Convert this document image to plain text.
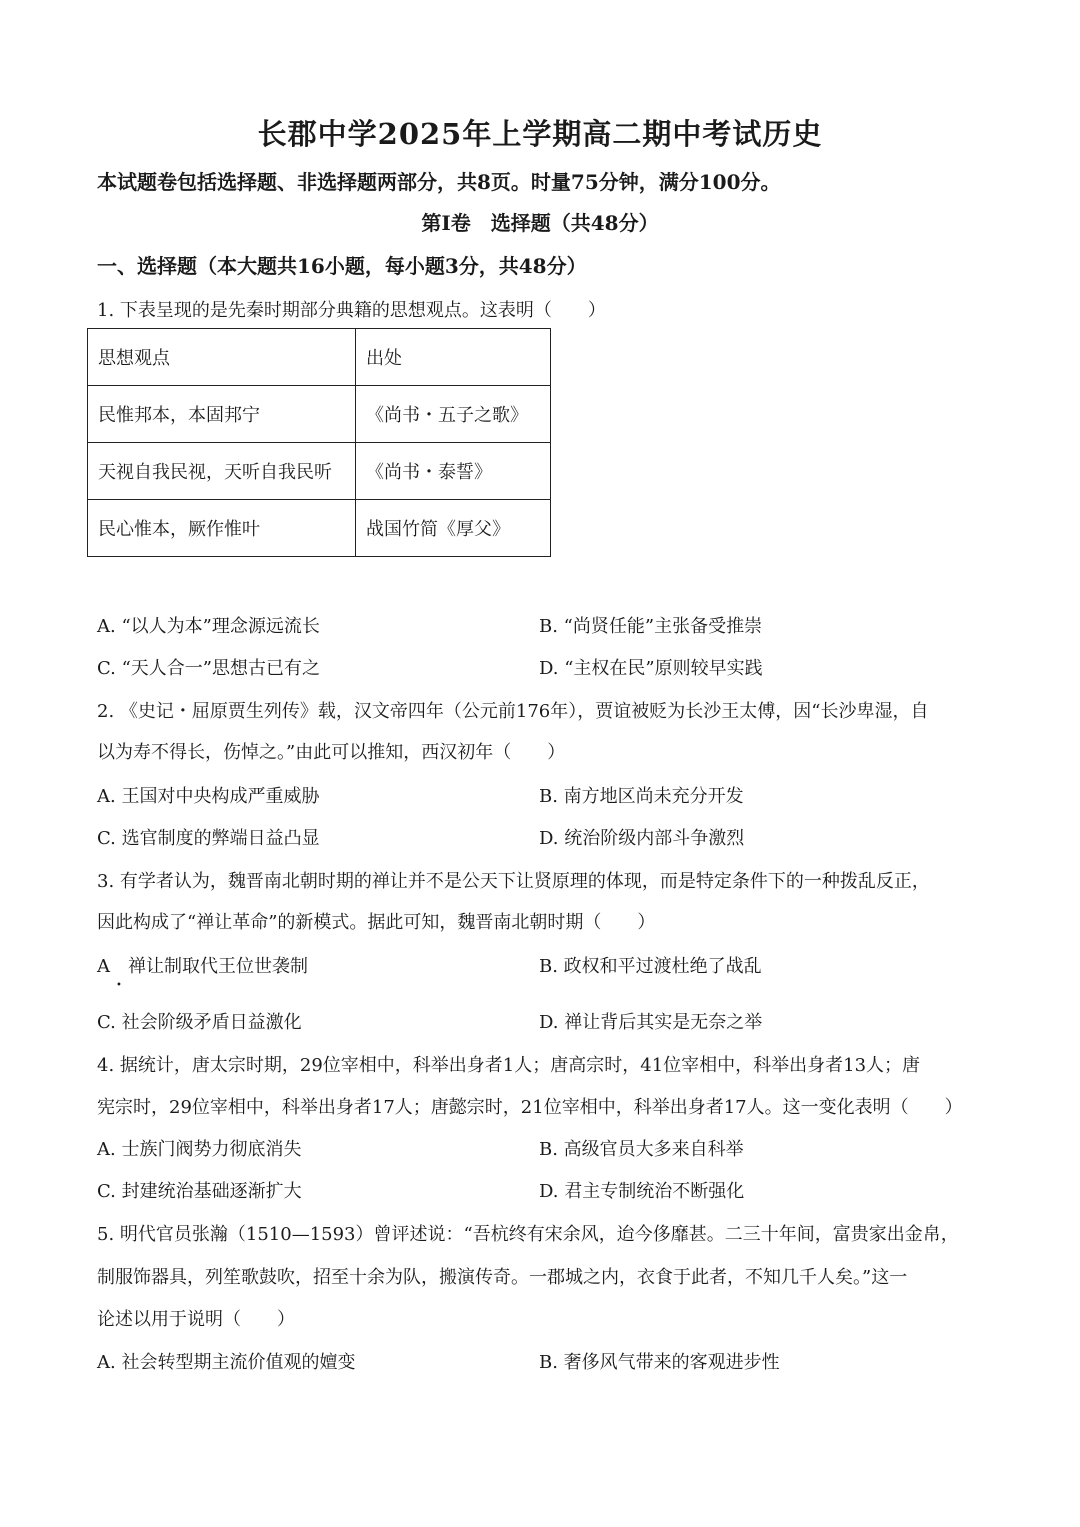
长郡中学2025年上学期高二期中考试历史
本试题卷包括选择题、非选择题两部分，共8页。时量75分钟，满分100分。
第Ⅰ卷　选择题（共48分）
一、选择题（本大题共16小题，每小题3分，共48分）
1. 下表呈现的是先秦时期部分典籍的思想观点。这表明（　　）
思想观点	出处
民惟邦本，本固邦宁	《尚书・五子之歌》
天视自我民视，天听自我民听	《尚书・泰誓》
民心惟本，厥作惟叶	战国竹简《厚父》
A. “以人为本”理念源远流长	B. “尚贤任能”主张备受推崇
C. “天人合一”思想古已有之	D. “主权在民”原则较早实践
2. 《史记・屈原贾生列传》载，汉文帝四年（公元前176年），贾谊被贬为长沙王太傅，因“长沙卑湿，自
以为寿不得长，伤悼之。”由此可以推知，西汉初年（　　）
A. 王国对中央构成严重威胁	B. 南方地区尚未充分开发
C. 选官制度的弊端日益凸显	D. 统治阶级内部斗争激烈
3. 有学者认为，魏晋南北朝时期的禅让并不是公天下让贤原理的体现，而是特定条件下的一种拨乱反正，
因此构成了“禅让革命”的新模式。据此可知，魏晋南北朝时期（　　）
A　禅让制取代王位世袭制
•
B. 政权和平过渡杜绝了战乱
C. 社会阶级矛盾日益激化	D. 禅让背后其实是无奈之举
4. 据统计，唐太宗时期，29位宰相中，科举出身者1人；唐高宗时，41位宰相中，科举出身者13人；唐
宪宗时，29位宰相中，科举出身者17人；唐懿宗时，21位宰相中，科举出身者17人。这一变化表明（　　）
A. 士族门阀势力彻底消失	B. 高级官员大多来自科举
C. 封建统治基础逐渐扩大	D. 君主专制统治不断强化
5. 明代官员张瀚（1510—1593）曾评述说：“吾杭终有宋余风，迨今侈靡甚。二三十年间，富贵家出金帛，
制服饰器具，列笙歌鼓吹，招至十余为队，搬演传奇。一郡城之内，衣食于此者，不知几千人矣。”这一
论述以用于说明（　　）
A. 社会转型期主流价值观的嬗变	B. 奢侈风气带来的客观进步性
